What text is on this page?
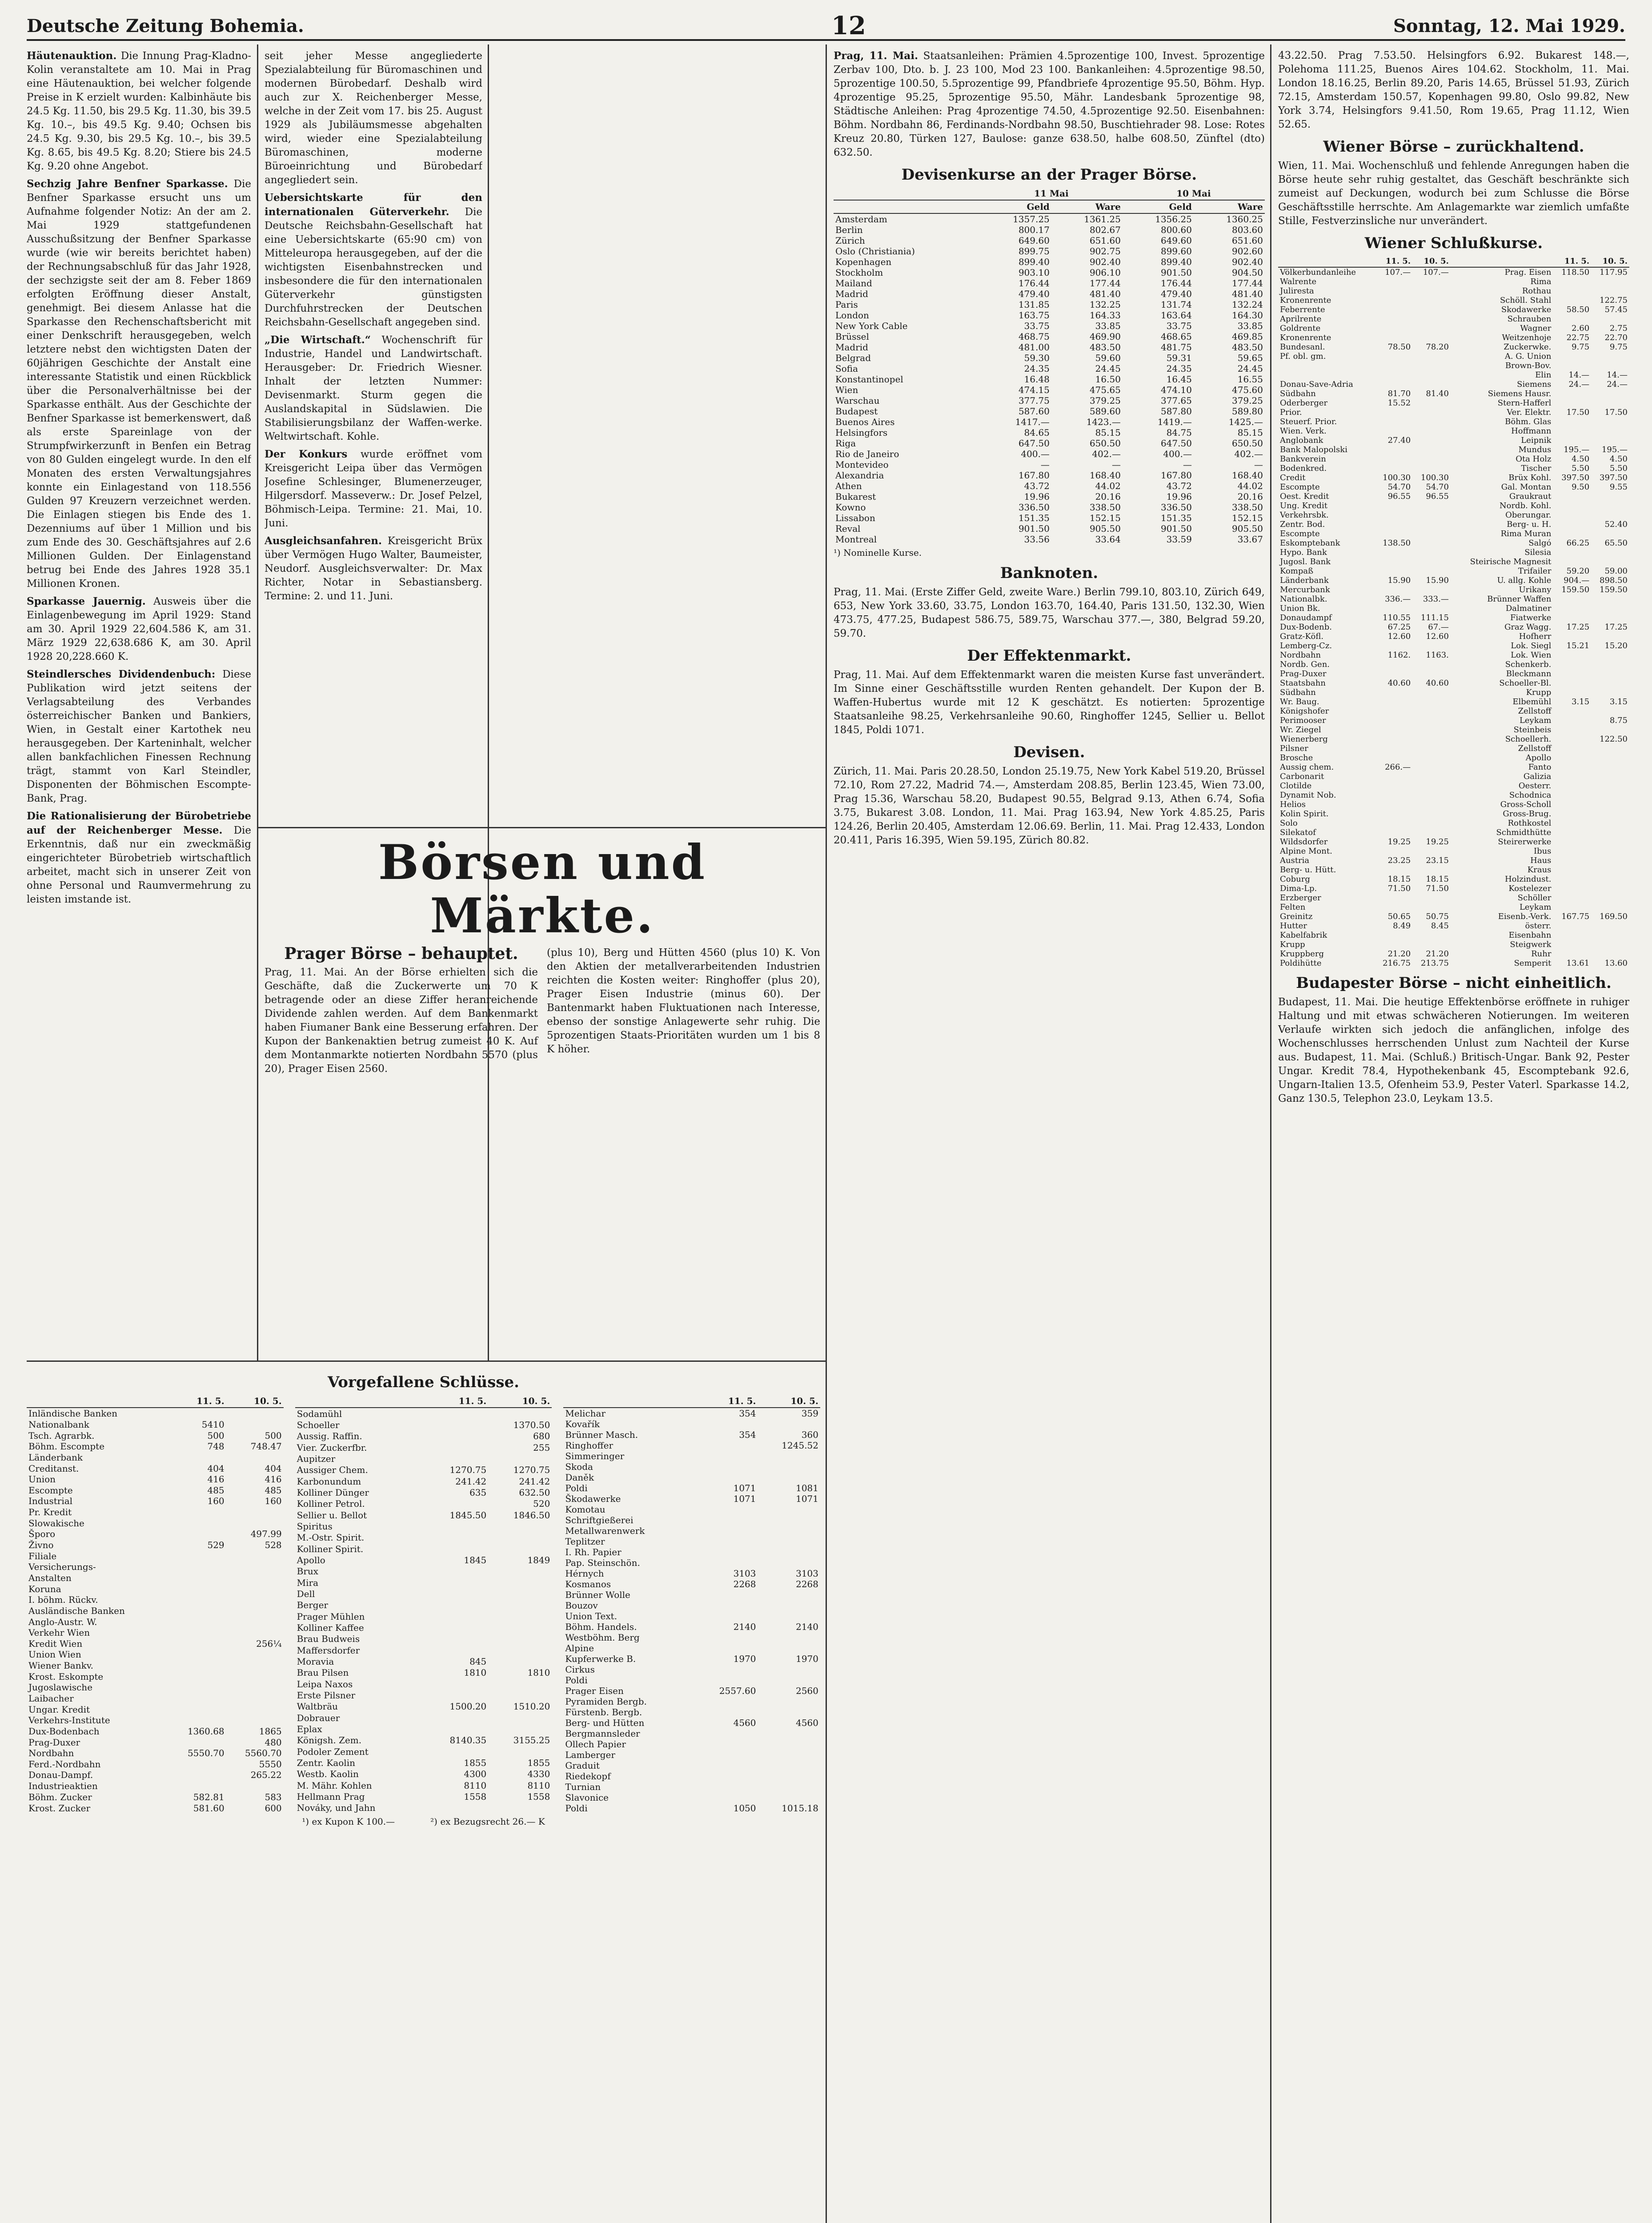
Deutsche Zeitung Bohemia.	12	Sonntag, 12. Mai 1929.

Häutenauktion. Die Innung Prag-Kladno-Kolin veranstaltete am 10. Mai in Prag eine Häutenauktion, bei welcher folgende Preise in K erzielt wurden: Kalbinhäute bis 24.5 Kg. 11.50, bis 29.5 Kg. 11.30, bis 39.5 Kg. 10.–, bis 49.5 Kg. 9.40; Ochsen bis 24.5 Kg. 9.30, bis 29.5 Kg. 10.–, bis 39.5 Kg. 8.65, bis 49.5 Kg. 8.20; Stiere bis 24.5 Kg. 9.20 ohne Angebot.

Sechzig Jahre Benfner Sparkasse. Die Benfner Sparkasse ersucht uns um Aufnahme folgender Notiz: An der am 2. Mai 1929 stattgefundenen Ausschußsitzung der Benfner Sparkasse wurde (wie wir bereits berichtet haben) der Rechnungsabschluß für das Jahr 1928, der sechzigste seit der am 8. Feber 1869 erfolgten Eröffnung dieser Anstalt, genehmigt. Bei diesem Anlasse hat die Sparkasse den Rechenschaftsbericht mit einer Denkschrift herausgegeben, welch letztere nebst den wichtigsten Daten der 60jährigen Geschichte der Anstalt eine interessante Statistik und einen Rückblick über die Personalverhältnisse bei der Sparkasse enthält. Aus der Geschichte der Benfner Sparkasse ist bemerkenswert, daß als erste Spareinlage von der Strumpfwirkerzunft in Benfen ein Betrag von 80 Gulden eingelegt wurde. In den elf Monaten des ersten Verwaltungsjahres konnte ein Einlagestand von 118.556 Gulden 97 Kreuzern verzeichnet werden. Die Einlagen stiegen bis Ende des 1. Dezenniums auf über 1 Million und bis zum Ende des 30. Geschäftsjahres auf 2.6 Millionen Gulden. Der Einlagenstand betrug bei Ende des Jahres 1928 35.1 Millionen Kronen.

Sparkasse Jauernig. Ausweis über die Einlagenbewegung im April 1929: Stand am 30. April 1929 22,604.586 K, am 31. März 1929 22,638.686 K, am 30. April 1928 20,228.660 K.

Steindlersches Dividendenbuch: Diese Publikation wird jetzt seitens der Verlagsabteilung des Verbandes österreichischer Banken und Bankiers, Wien, in Gestalt einer Kartothek neu herausgegeben. Der Karteninhalt, welcher allen bankfachlichen Finessen Rechnung trägt, stammt von Karl Steindler, Disponenten der Böhmischen Escompte-Bank, Prag.

Die Rationalisierung der Bürobetriebe auf der Reichenberger Messe. Die Erkenntnis, daß nur ein zweckmäßig eingerichteter Bürobetrieb wirtschaftlich arbeitet, macht sich in unserer Zeit von ohne Personal und Raumvermehrung zu leisten imstande ist.

seit jeher Messe angegliederte Spezialabteilung für Büromaschinen und modernen Bürobedarf. Deshalb wird auch zur X. Reichenberger Messe, welche in der Zeit vom 17. bis 25. August 1929 als Jubiläumsmesse abgehalten wird, wieder eine Spezialabteilung Büromaschinen, moderne Büroeinrichtung und Bürobedarf angegliedert sein.

Uebersichtskarte für den internationalen Güterverkehr. Die Deutsche Reichsbahn-Gesellschaft hat eine Uebersichtskarte (65:90 cm) von Mitteleuropa herausgegeben, auf der die wichtigsten Eisenbahnstrecken und insbesondere die für den internationalen Güterverkehr günstigsten Durchfuhrstrecken der Deutschen Reichsbahn-Gesellschaft angegeben sind.

„Die Wirtschaft.“ Wochenschrift für Industrie, Handel und Landwirtschaft. Herausgeber: Dr. Friedrich Wiesner. Inhalt der letzten Nummer: Devisenmarkt. Sturm gegen die Auslandskapital in Südslawien. Die Stabilisierungsbilanz der Waffen-werke. Weltwirtschaft. Kohle.

Der Konkurs wurde eröffnet vom Kreisgericht Leipa über das Vermögen Josefine Schlesinger, Blumenerzeuger, Hilgersdorf. Masseverw.: Dr. Josef Pelzel, Böhmisch-Leipa. Termine: 21. Mai, 10. Juni.

Ausgleichsanfahren. Kreisgericht Brüx über Vermögen Hugo Walter, Baumeister, Neudorf. Ausgleichsverwalter: Dr. Max Richter, Notar in Sebastiansberg. Termine: 2. und 11. Juni.

Börsen und Märkte.
Prager Börse – behauptet.

Prag, 11. Mai. An der Börse erhielten sich die Geschäfte, daß die Zuckerwerte um 70 K betragende oder an diese Ziffer heranreichende Dividende zahlen werden. Auf dem Bankenmarkt haben Fiumaner Bank eine Besserung erfahren. Der Kupon der Bankenaktien betrug zumeist 40 K. Auf dem Montanmarkte notierten Nordbahn 5570 (plus 20), Prager Eisen 2560.

(plus 10), Berg und Hütten 4560 (plus 10) K. Von den Aktien der metallverarbeitenden Industrien reichten die Kosten weiter: Ringhoffer (plus 20), Prager Eisen Industrie (minus 60). Der Bantenmarkt haben Fluktuationen nach Interesse, ebenso der sonstige Anlagewerte sehr ruhig. Die 5prozentigen Staats-Prioritäten wurden um 1 bis 8 K höher.

Vorgefallene Schlüsse.
	11. 5.	10. 5.
Inländische Banken		
Nationalbank	5410	
Tsch. Agrarbk.	500	500
Böhm. Escompte	748	748.47
Länderbank		
Creditanst.	404	404
Union	416	416
Escompte	485	485
Industrial	160	160
Pr. Kredit		
Slowakische		
Šporo		497.99
Živno	529	528
Filiale		
Versicherungs-		
Anstalten		
Koruna		
I. böhm. Rückv.		
Ausländische Banken		
Anglo-Austr. W.		
Verkehr Wien		
Kredit Wien		256¼
Union Wien		
Wiener Bankv.		
Krost. Eskompte		
Jugoslawische		
Laibacher		
Ungar. Kredit		
Verkehrs-Institute		
Dux-Bodenbach	1360.68	1865
Prag-Duxer		480
Nordbahn	5550.70	5560.70
Ferd.-Nordbahn		5550
Donau-Dampf.		265.22
Industrieaktien		
Böhm. Zucker	582.81	583
Krost. Zucker	581.60	600
	11. 5.	10. 5.
Sodamühl		
Schoeller		1370.50
Aussig. Raffin.		680
Vier. Zuckerfbr.		255
Aupitzer		
Aussiger Chem.	1270.75	1270.75
Karbonundum	241.42	241.42
Kolliner Dünger	635	632.50
Kolliner Petrol.		520
Sellier u. Bellot	1845.50	1846.50
Spiritus		
M.-Ostr. Spirit.		
Kolliner Spirit.		
Apollo	1845	1849
Brux		
Mira		
Dell		
Berger		
Prager Mühlen		
Kolliner Kaffee		
Brau Budweis		
Maffersdorfer		
Moravia	845	
Brau Pilsen	1810	1810
Leipa Naxos		
Erste Pilsner		
Waltbräu	1500.20	1510.20
Dobrauer		
Eplax		
Königsh. Zem.	8140.35	3155.25
Podoler Zement		
Zentr. Kaolin	1855	1855
Westb. Kaolin	4300	4330
M. Mähr. Kohlen	8110	8110
Hellmann Prag	1558	1558
Nováky, und Jahn		
	11. 5.	10. 5.
Melichar	354	359
Kovařík		
Brünner Masch.	354	360
Ringhoffer		1245.52
Simmeringer		
Skoda		
Daněk		
Poldi	1071	1081
Škodawerke	1071	1071
Komotau		
Schriftgießerei		
Metallwarenwerk		
Teplitzer		
I. Rh. Papier		
Pap. Steinschön.		
Hérnych	3103	3103
Kosmanos	2268	2268
Brünner Wolle		
Bouzov		
Union Text.		
Böhm. Handels.	2140	2140
Westböhm. Berg		
Alpine		
Kupferwerke B.	1970	1970
Cirkus		
Poldi		
Prager Eisen	2557.60	2560
Pyramiden Bergb.		
Fürstenb. Bergb.		
Berg- und Hütten	4560	4560
Bergmannsleder		
Ollech Papier		
Lamberger		
Graduit		
Riedekopf		
Turnian		
Slavonice		
Poldi	1050	1015.18
¹) ex Kupon K 100.—	²) ex Bezugsrecht 26.— K

Prag, 11. Mai. Staatsanleihen: Prämien 4.5prozentige 100, Invest. 5prozentige Zerbav 100, Dto. b. J. 23 100, Mod 23 100. Bankanleihen: 4.5prozentige 98.50, 5prozentige 100.50, 5.5prozentige 99, Pfandbriefe 4prozentige 95.50, Böhm. Hyp. 4prozentige 95.25, 5prozentige 95.50, Mähr. Landesbank 5prozentige 98, Städtische Anleihen: Prag 4prozentige 74.50, 4.5prozentige 92.50. Eisenbahnen: Böhm. Nordbahn 86, Ferdinands-Nordbahn 98.50, Buschtiehrader 98. Lose: Rotes Kreuz 20.80, Türken 127, Baulose: ganze 638.50, halbe 608.50, Zünftel (dto) 632.50.

Devisenkurse an der Prager Börse.
	11 Mai		10 Mai	
	Geld	Ware	Geld	Ware
Amsterdam	1357.25	1361.25	1356.25	1360.25
Berlin	800.17	802.67	800.60	803.60
Zürich	649.60	651.60	649.60	651.60
Oslo (Christiania)	899.75	902.75	899.60	902.60
Kopenhagen	899.40	902.40	899.40	902.40
Stockholm	903.10	906.10	901.50	904.50
Mailand	176.44	177.44	176.44	177.44
Madrid	479.40	481.40	479.40	481.40
Paris	131.85	132.25	131.74	132.24
London	163.75	164.33	163.64	164.30
New York Cable	33.75	33.85	33.75	33.85
Brüssel	468.75	469.90	468.65	469.85
Madrid	481.00	483.50	481.75	483.50
Belgrad	59.30	59.60	59.31	59.65
Sofia	24.35	24.45	24.35	24.45
Konstantinopel	16.48	16.50	16.45	16.55
Wien	474.15	475.65	474.10	475.60
Warschau	377.75	379.25	377.65	379.25
Budapest	587.60	589.60	587.80	589.80
Buenos Aires	1417.—	1423.—	1419.—	1425.—
Helsingfors	84.65	85.15	84.75	85.15
Riga	647.50	650.50	647.50	650.50
Rio de Janeiro	400.—	402.—	400.—	402.—
Montevideo	—	—	—	—
Alexandria	167.80	168.40	167.80	168.40
Athen	43.72	44.02	43.72	44.02
Bukarest	19.96	20.16	19.96	20.16
Kowno	336.50	338.50	336.50	338.50
Lissabon	151.35	152.15	151.35	152.15
Reval	901.50	905.50	901.50	905.50
Montreal	33.56	33.64	33.59	33.67
¹) Nominelle Kurse.
Banknoten.

Prag, 11. Mai. (Erste Ziffer Geld, zweite Ware.) Berlin 799.10, 803.10, Zürich 649, 653, New York 33.60, 33.75, London 163.70, 164.40, Paris 131.50, 132.30, Wien 473.75, 477.25, Budapest 586.75, 589.75, Warschau 377.—, 380, Belgrad 59.20, 59.70.

Der Effektenmarkt.

Prag, 11. Mai. Auf dem Effektenmarkt waren die meisten Kurse fast unverändert. Im Sinne einer Geschäftsstille wurden Renten gehandelt. Der Kupon der B. Waffen-Hubertus wurde mit 12 K geschätzt. Es notierten: 5prozentige Staatsanleihe 98.25, Verkehrsanleihe 90.60, Ringhoffer 1245, Sellier u. Bellot 1845, Poldi 1071.

Devisen.

Zürich, 11. Mai. Paris 20.28.50, London 25.19.75, New York Kabel 519.20, Brüssel 72.10, Rom 27.22, Madrid 74.—, Amsterdam 208.85, Berlin 123.45, Wien 73.00, Prag 15.36, Warschau 58.20, Budapest 90.55, Belgrad 9.13, Athen 6.74, Sofia 3.75, Bukarest 3.08. London, 11. Mai. Prag 163.94, New York 4.85.25, Paris 124.26, Berlin 20.405, Amsterdam 12.06.69. Berlin, 11. Mai. Prag 12.433, London 20.411, Paris 16.395, Wien 59.195, Zürich 80.82.

43.22.50. Prag 7.53.50. Helsingfors 6.92. Bukarest 148.—, Polehoma 111.25, Buenos Aires 104.62. Stockholm, 11. Mai. London 18.16.25, Berlin 89.20, Paris 14.65, Brüssel 51.93, Zürich 72.15, Amsterdam 150.57, Kopenhagen 99.80, Oslo 99.82, New York 3.74, Helsingfors 9.41.50, Rom 19.65, Prag 11.12, Wien 52.65.

Wiener Börse – zurückhaltend.

Wien, 11. Mai. Wochenschluß und fehlende Anregungen haben die Börse heute sehr ruhig gestaltet, das Geschäft beschränkte sich zumeist auf Deckungen, wodurch bei zum Schlusse die Börse Geschäftsstille herrschte. Am Anlagemarkte war ziemlich umfaßte Stille, Festverzinsliche nur unverändert.

Wiener Schlußkurse.
	11. 5.	10. 5.		11. 5.	10. 5.
Völkerbundanleihe	107.—	107.—	Prag. Eisen	118.50	117.95
Walrente			Rima		
Juliresta			Rothau		
Kronenrente			Schöll. Stahl		122.75
Feberrente			Skodawerke	58.50	57.45
Aprilrente			Schrauben		
Goldrente			Wagner	2.60	2.75
Kronenrente			Weitzenhoje	22.75	22.70
Bundesanl.	78.50	78.20	Zuckerwke.	9.75	9.75
Pf. obl. gm.			A. G. Union		
			Brown-Bov.		
			Elin	14.—	14.—
Donau-Save-Adria			Siemens	24.—	24.—
Südbahn	81.70	81.40	Siemens Hausr.		
Oderberger	15.52		Stern-Hafferl		
Prior.			Ver. Elektr.	17.50	17.50
Steuerf. Prior.			Böhm. Glas		
Wien. Verk.			Hoffmann		
Anglobank	27.40		Leipnik		
Bank Malopolski			Mundus	195.—	195.—
Bankverein			Ota Holz	4.50	4.50
Bodenkred.			Tischer	5.50	5.50
Credit	100.30	100.30	Brüx Kohl.	397.50	397.50
Escompte	54.70	54.70	Gal. Montan	9.50	9.55
Oest. Kredit	96.55	96.55	Graukraut		
Ung. Kredit			Nordb. Kohl.		
Verkehrsbk.			Oberungar.		
Zentr. Bod.			Berg- u. H.		52.40
Escompte			Rima Muran		
Eskomptebank	138.50		Salgó	66.25	65.50
Hypo. Bank			Silesia		
Jugosl. Bank			Steirische Magnesit		
Kompaß			Trifailer	59.20	59.00
Länderbank	15.90	15.90	U. allg. Kohle	904.—	898.50
Mercurbank			Urikany	159.50	159.50
Nationalbk.	336.—	333.—	Brünner Waffen		
Union Bk.			Dalmatiner		
Donaudampf	110.55	111.15	Fiatwerke		
Dux-Bodenb.	67.25	67.—	Graz Wagg.	17.25	17.25
Gratz-Köfl.	12.60	12.60	Hofherr		
Lemberg-Cz.			Lok. Siegl	15.21	15.20
Nordbahn	1162.	1163.	Lok. Wien		
Nordb. Gen.			Schenkerb.		
Prag-Duxer			Bleckmann		
Staatsbahn	40.60	40.60	Schoeller-Bl.		
Südbahn			Krupp		
Wr. Baug.			Elbemühl	3.15	3.15
Königshofer			Zellstoff		
Perimooser			Leykam		8.75
Wr. Ziegel			Steinbeis		
Wienerberg			Schoellerh.		122.50
Pilsner			Zellstoff		
Brosche			Apollo		
Aussig chem.	266.—		Fanto		
Carbonarit			Galizia		
Clotilde			Oesterr.		
Dynamit Nob.			Schodnica		
Helios			Gross-Scholl		
Kolin Spirit.			Gross-Brug.		
Solo			Rothkostel		
Silekatof			Schmidthütte		
Wildsdorfer	19.25	19.25	Steirerwerke		
Alpine Mont.			Ibus		
Austria	23.25	23.15	Haus		
Berg- u. Hütt.			Kraus		
Coburg	18.15	18.15	Holzindust.		
Dima-Lp.	71.50	71.50	Kostelezer		
Erzberger			Schöller		
Felten			Leykam		
Greinitz	50.65	50.75	Eisenb.-Verk.	167.75	169.50
Hutter	8.49	8.45	österr.		
Kabelfabrik			Eisenbahn		
Krupp			Steigwerk		
Kruppberg	21.20	21.20	Ruhr		
Poldihütte	216.75	213.75	Semperit	13.61	13.60
Budapester Börse – nicht einheitlich.

Budapest, 11. Mai. Die heutige Effektenbörse eröffnete in ruhiger Haltung und mit etwas schwächeren Notierungen. Im weiteren Verlaufe wirkten sich jedoch die anfänglichen, infolge des Wochenschlusses herrschenden Unlust zum Nachteil der Kurse aus. Budapest, 11. Mai. (Schluß.) Britisch-Ungar. Bank 92, Pester Ungar. Kredit 78.4, Hypothekenbank 45, Escomptebank 92.6, Ungarn-Italien 13.5, Ofenheim 53.9, Pester Vaterl. Sparkasse 14.2, Ganz 130.5, Telephon 23.0, Leykam 13.5.
